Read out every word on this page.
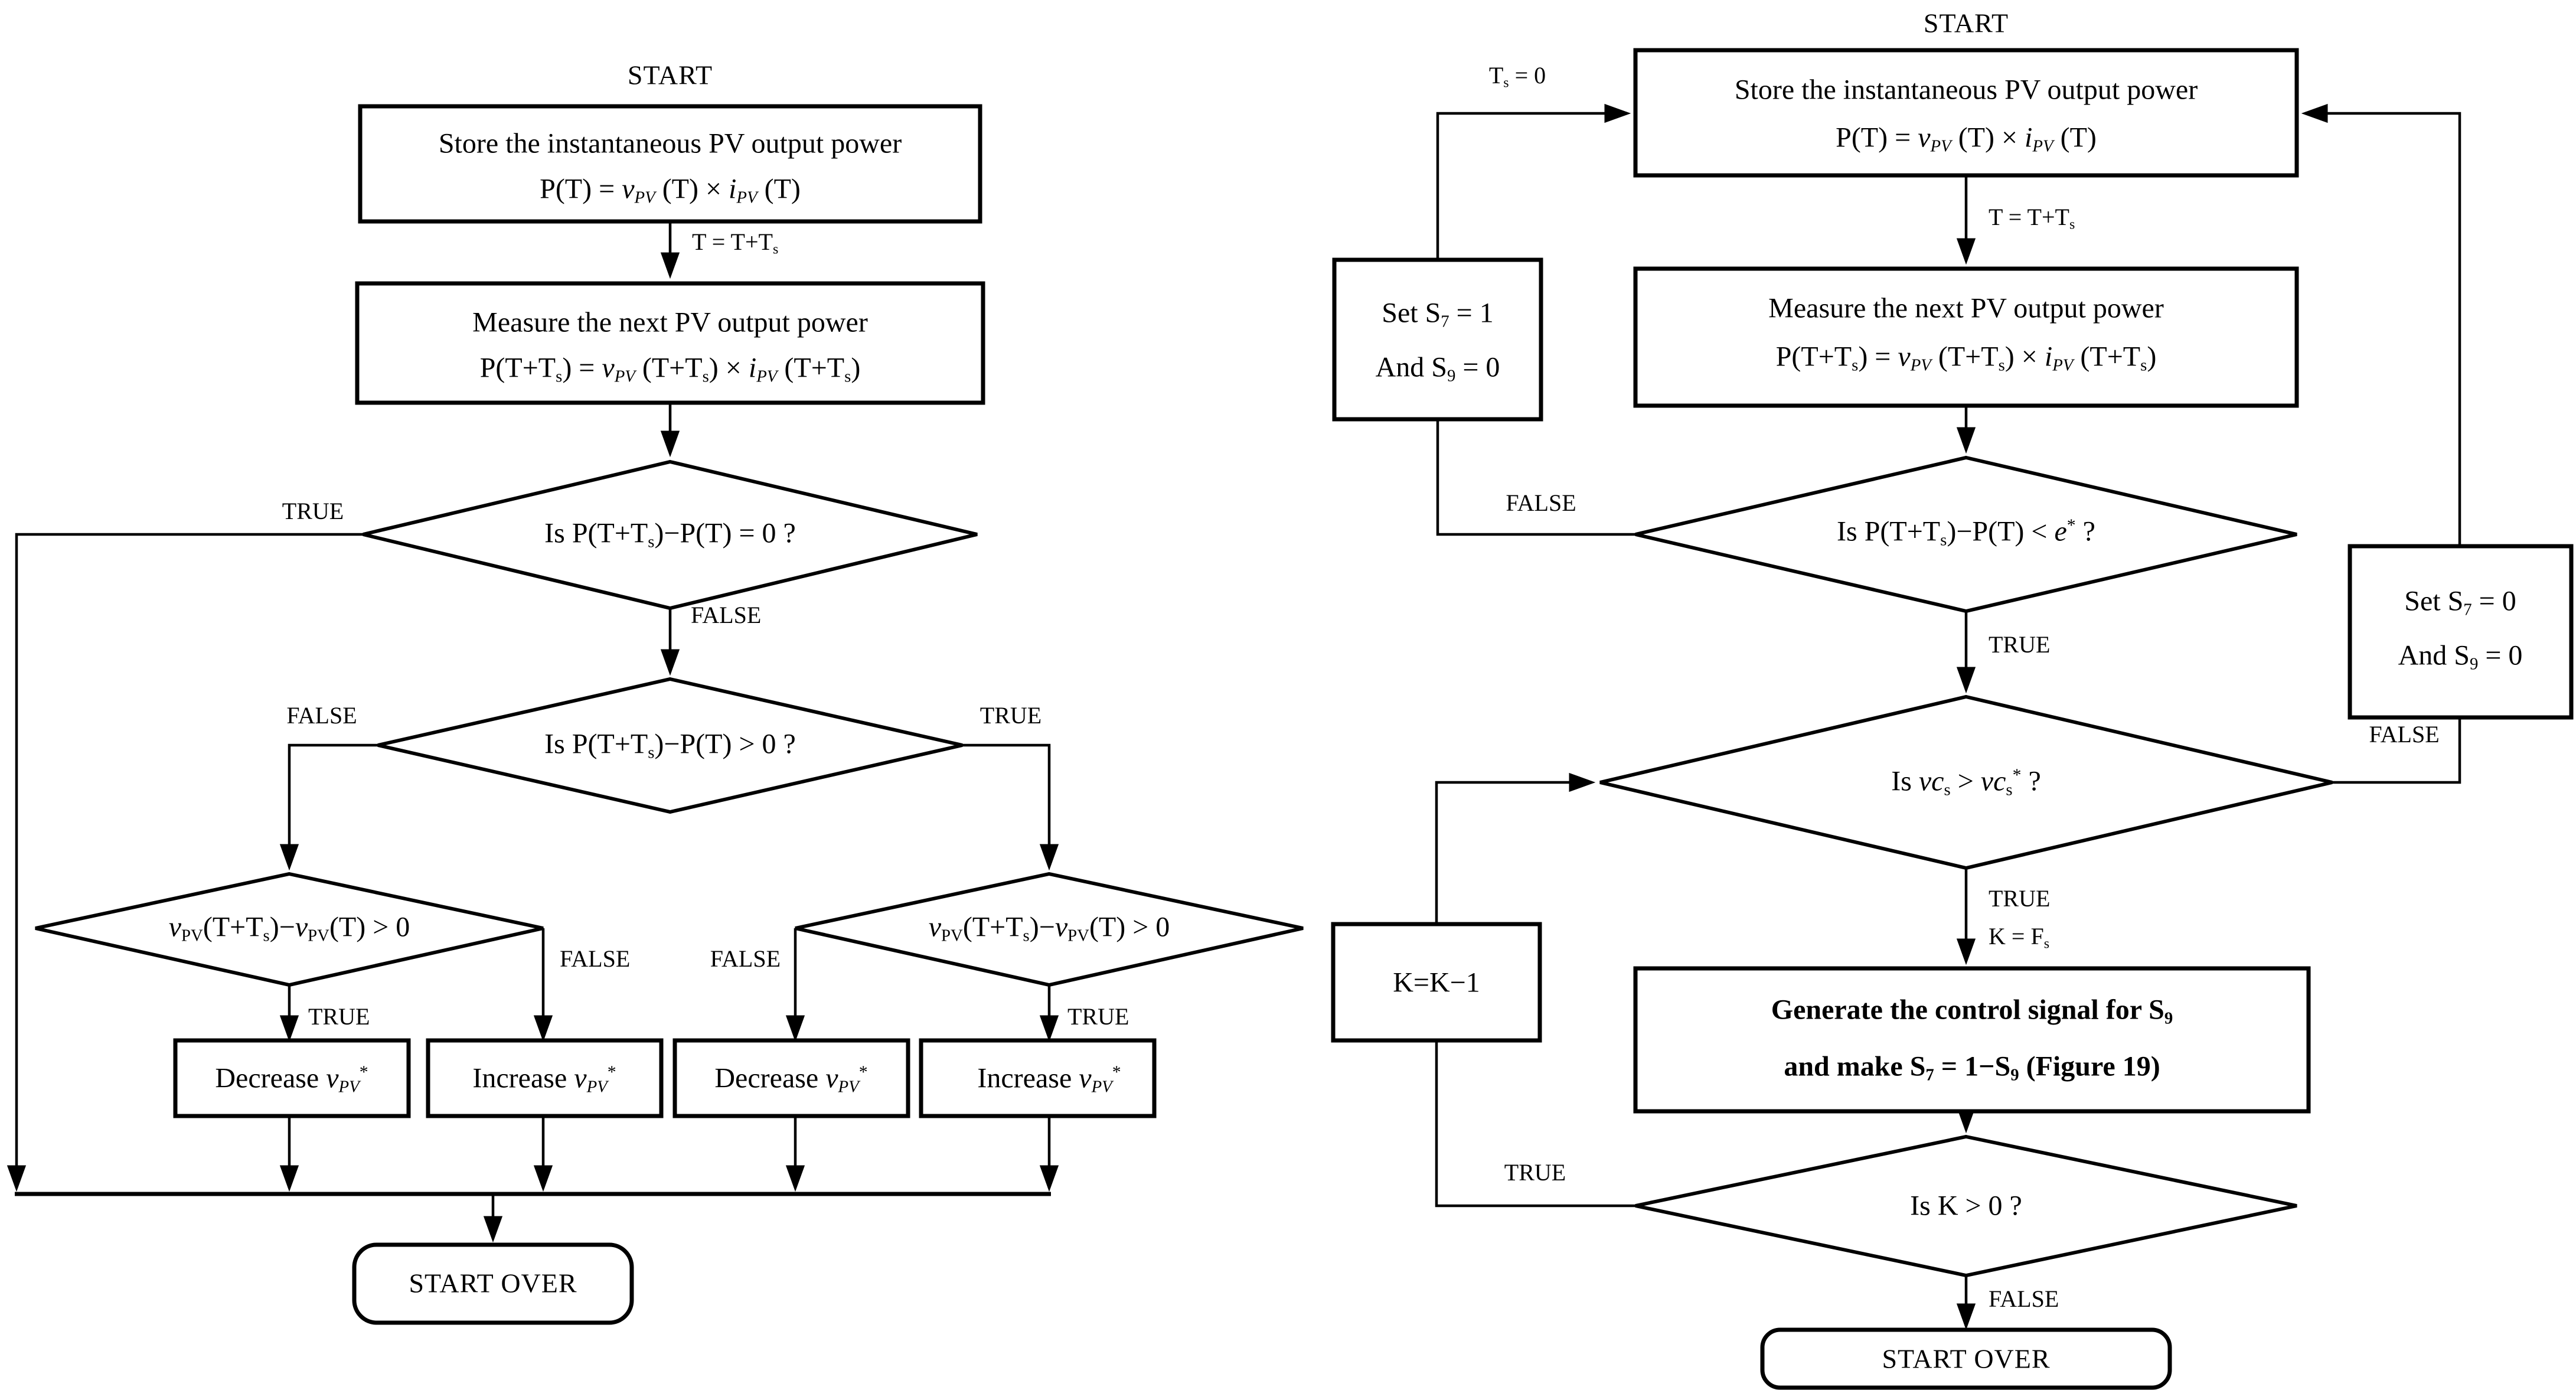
START
Store the instantaneous PV output power
P(T) = vPV (T) × iPV (T)
$T = T+T_s$
Measure the next PV output power
$P(T+T_s)$ = vPV $(T+T_s)$ × iPV $(T+T_s)$
Is $P(T+T_s)-P(T) = 0$ ?
TRUE
FALSE
Is $P(T+T_s)-P(T) > 0$ ?
FALSE	TRUE
$v_{PV}(T+T_s)-v_{PV}(T) > 0$
TRUE
FALSE
$v_{PV}(T+T_s)-v_{PV}(T) > 0$
FALSE
TRUE
Decrease vPV*	Increase vPV*	Decrease vPV*	Increase vPV*
START OVER
START
$T_s = 0$	Store the instantaneous PV output power
P(T) = vPV (T) × iPV (T)
$T = T+T_s$
Set $S_7 = 1$
And $S_9 = 0$
Measure the next PV output power
$P(T+T_s)$ = vPV $(T+T_s)$ × iPV $(T+T_s)$
Is $P(T+T_s)-P(T) < e^*$ ?
FALSE
TRUE
Set $S_7 = 0$
And $S_9 = 0$
Is $vc_s > vc_s^*$ ?
FALSE
TRUE
$K = F_s$
K=K−1
Generate the control signal for $S_9$
and make $S_7 = 1-S_9$ (Figure 19)
Is K > 0 ?
TRUE
FALSE
START OVER
